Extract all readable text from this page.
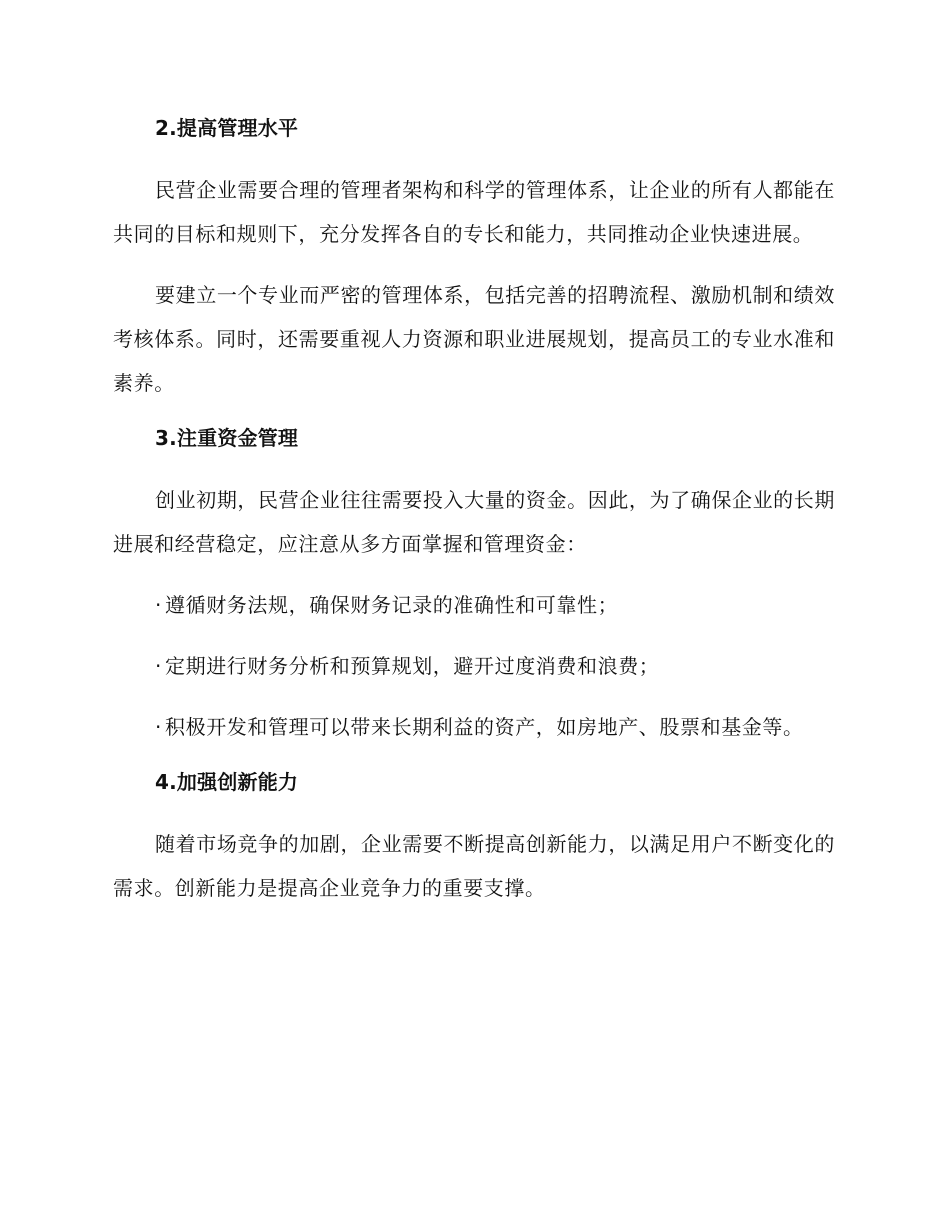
2.提高管理水平

民营企业需要合理的管理者架构和科学的管理体系，让企业的所有人都能在共同的目标和规则下，充分发挥各自的专长和能力，共同推动企业快速进展。

要建立一个专业而严密的管理体系，包括完善的招聘流程、激励机制和绩效考核体系。同时，还需要重视人力资源和职业进展规划，提高员工的专业水准和素养。

3.注重资金管理

创业初期，民营企业往往需要投入大量的资金。因此，为了确保企业的长期进展和经营稳定，应注意从多方面掌握和管理资金：

· 遵循财务法规，确保财务记录的准确性和可靠性；

· 定期进行财务分析和预算规划，避开过度消费和浪费；

· 积极开发和管理可以带来长期利益的资产，如房地产、股票和基金等。

4.加强创新能力

随着市场竞争的加剧，企业需要不断提高创新能力，以满足用户不断变化的需求。创新能力是提高企业竞争力的重要支撑。
